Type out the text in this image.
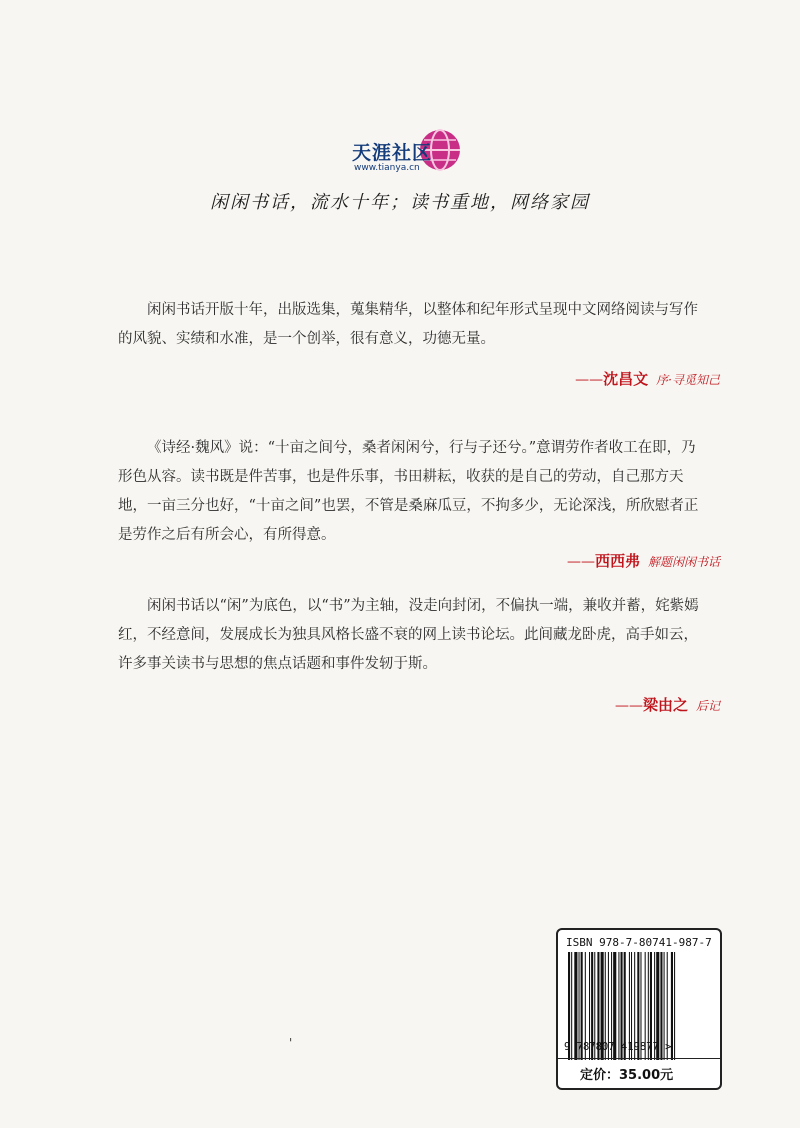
天涯社区
www.tianya.cn
闲闲书话，流水十年；读书重地，网络家园

闲闲书话开版十年，出版选集，蒐集精华，以整体和纪年形式呈现中文网络阅读与写作的风貌、实绩和水准，是一个创举，很有意义，功德无量。

——沈昌文 序·寻觅知己

《诗经·魏风》说：“十亩之间兮，桑者闲闲兮，行与子还兮。”意谓劳作者收工在即，乃形色从容。读书既是件苦事，也是件乐事，书田耕耘，收获的是自己的劳动，自己那方天地，一亩三分也好，“十亩之间”也罢，不管是桑麻瓜豆，不拘多少，无论深浅，所欣慰者正是劳作之后有所会心，有所得意。

——西西弗 解题闲闲书话

闲闲书话以“闲”为底色，以“书”为主轴，没走向封闭，不偏执一端，兼收并蓄，姹紫嫣红，不经意间，发展成长为独具风格长盛不衰的网上读书论坛。此间藏龙卧虎，高手如云，许多事关读书与思想的焦点话题和事件发轫于斯。

——梁由之 后记
'
ISBN 978-7-80741-987-7
9 787807 419877 >
定价：35.00元
